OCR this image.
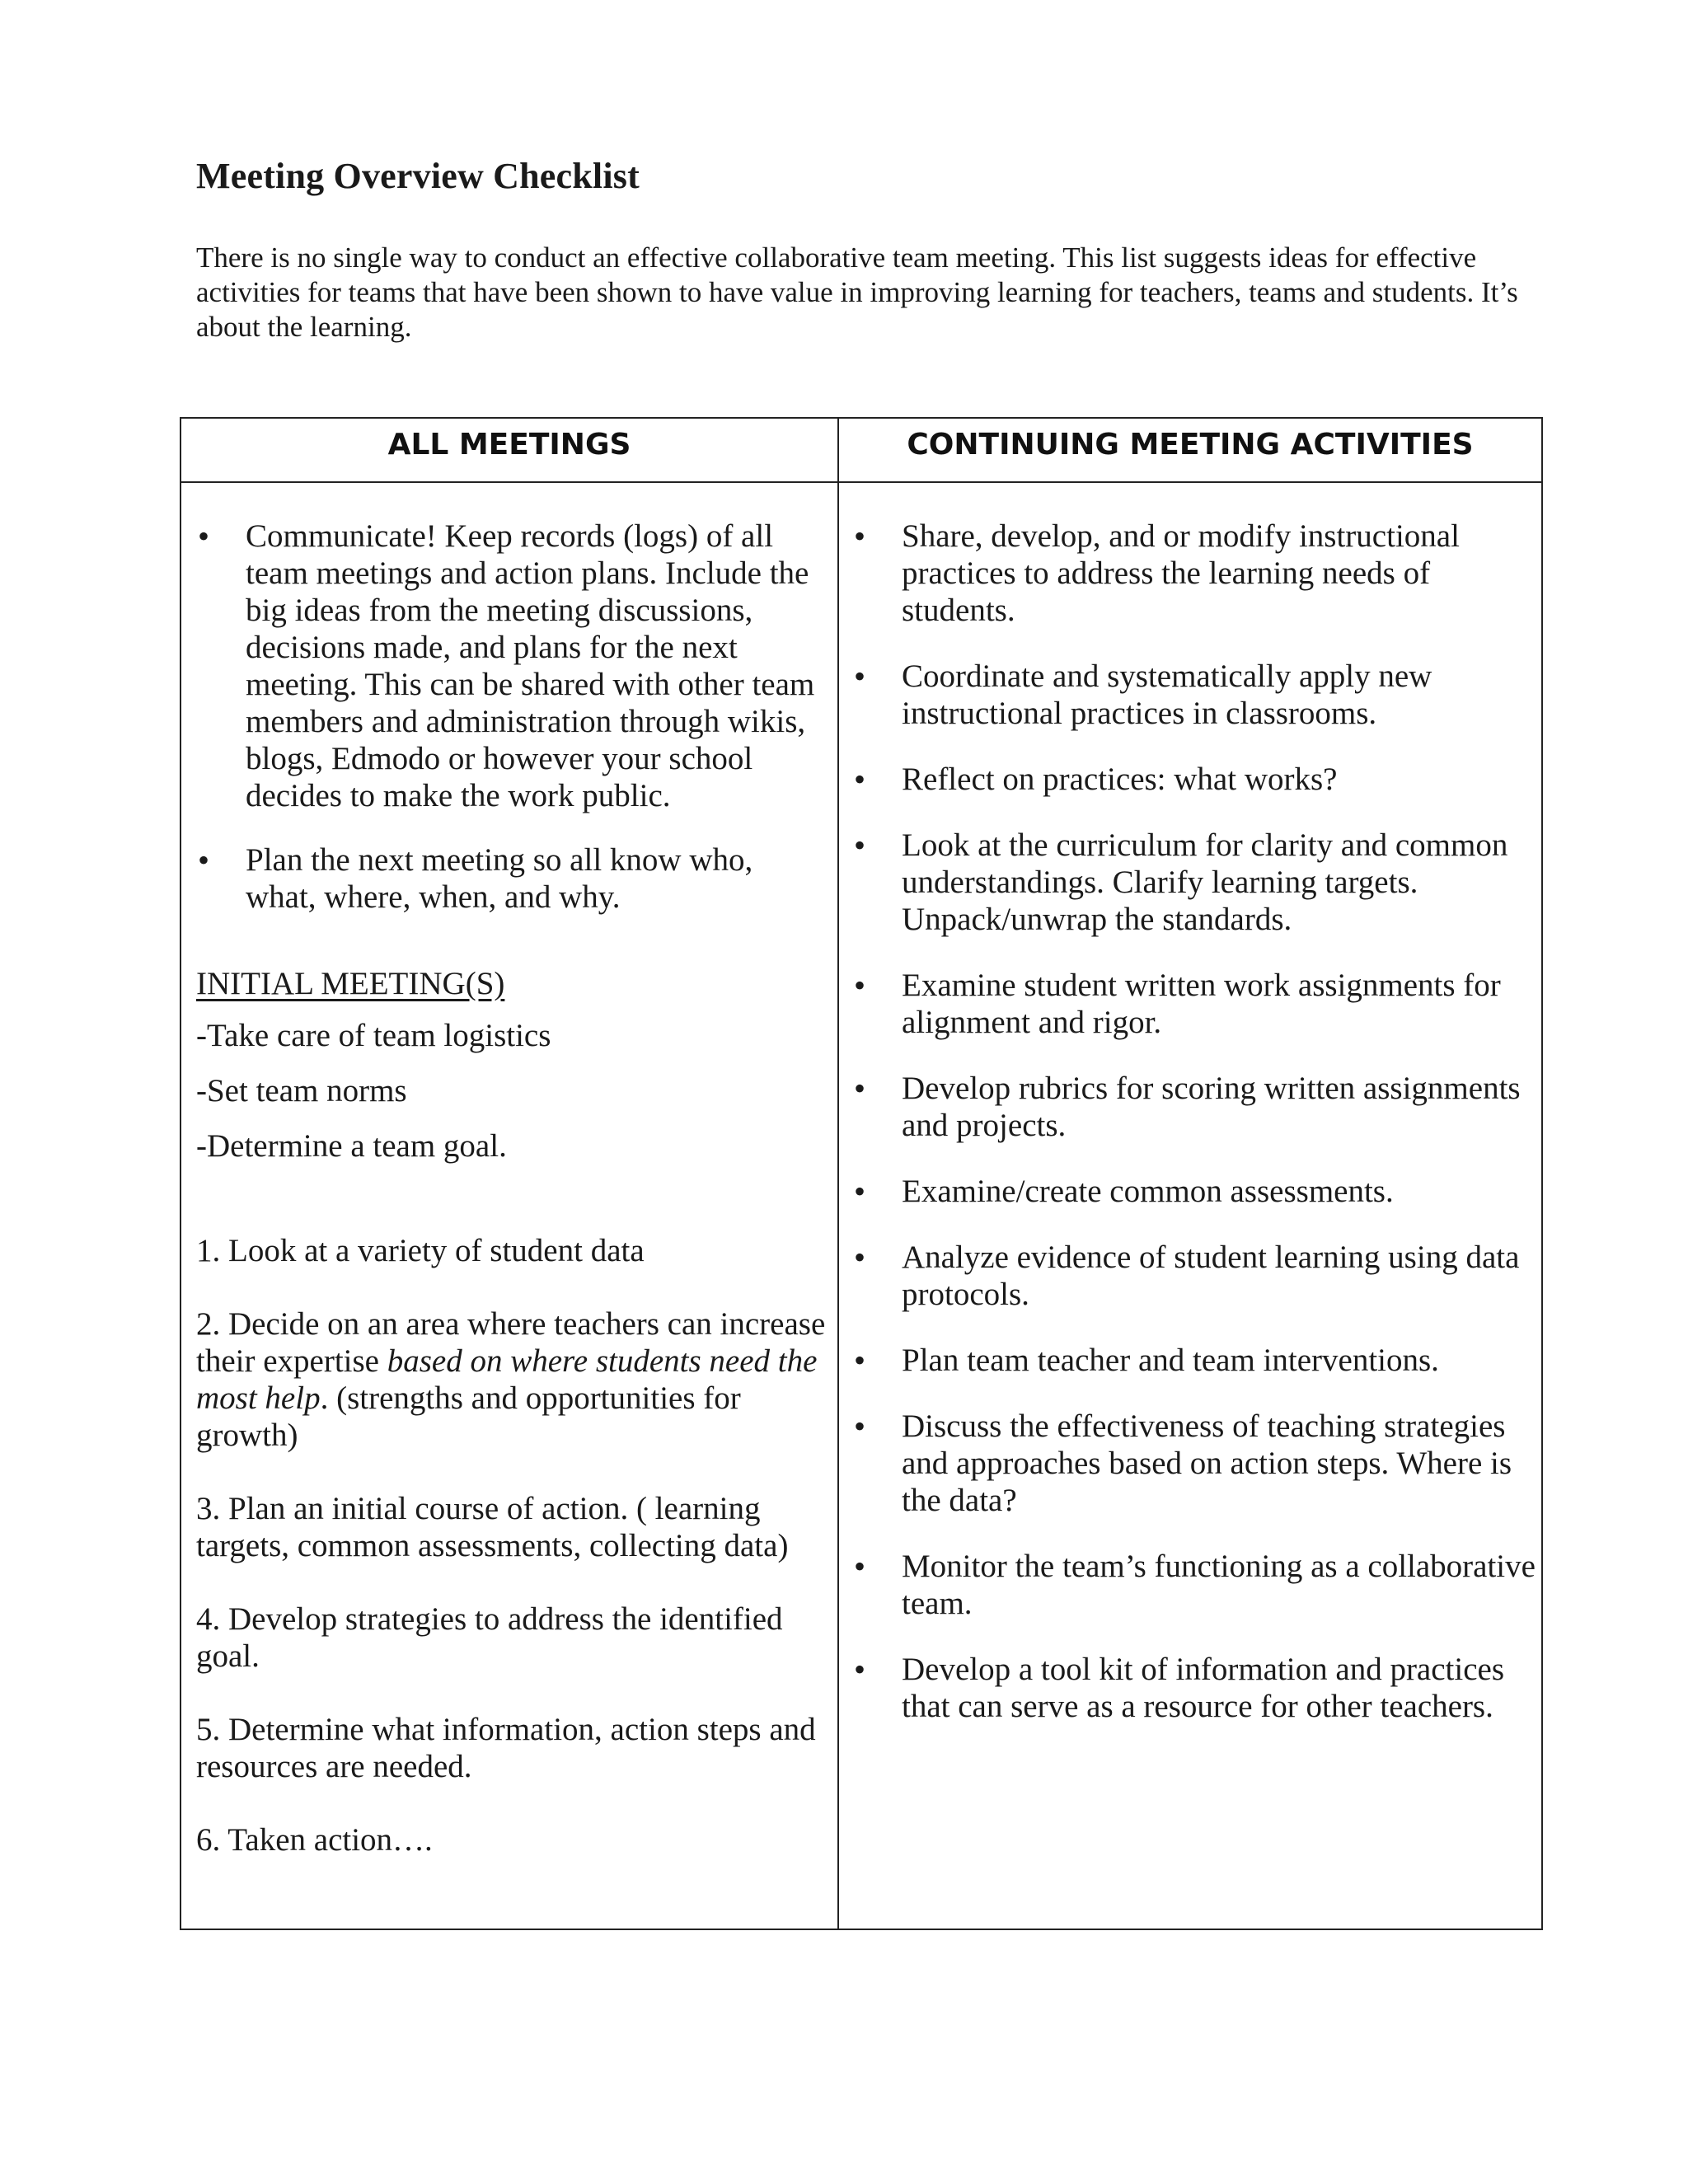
Meeting Overview Checklist
There is no single way to conduct an effective collaborative team meeting. This list suggests ideas for effective activities for teams that have been shown to have value in improving learning for teachers, teams and students. It’s about the learning.
ALL MEETINGS	CONTINUING MEETING ACTIVITIES
• Communicate! Keep records (logs) of all team meetings and action plans. Include the big ideas from the meeting discussions, decisions made, and plans for the next meeting. This can be shared with other team members and administration through wikis, blogs, Edmodo or however your school decides to make the work public.
• Plan the next meeting so all know who, what, where, when, and why.
INITIAL MEETING(S)
-Take care of team logistics
-Set team norms
-Determine a team goal.
1. Look at a variety of student data
2. Decide on an area where teachers can increase their expertise based on where students need the most help. (strengths and opportunities for growth)
3. Plan an initial course of action. ( learning targets, common assessments, collecting data)
4. Develop strategies to address the identified goal.
5. Determine what information, action steps and resources are needed.
6. Taken action….
• Share, develop, and or modify instructional practices to address the learning needs of students.
• Coordinate and systematically apply new instructional practices in classrooms.
• Reflect on practices: what works?
• Look at the curriculum for clarity and common understandings. Clarify learning targets. Unpack/unwrap the standards.
• Examine student written work assignments for alignment and rigor.
• Develop rubrics for scoring written assignments and projects.
• Examine/create common assessments.
• Analyze evidence of student learning using data protocols.
• Plan team teacher and team interventions.
• Discuss the effectiveness of teaching strategies and approaches based on action steps. Where is the data?
• Monitor the team’s functioning as a collaborative team.
• Develop a tool kit of information and practices that can serve as a resource for other teachers.
